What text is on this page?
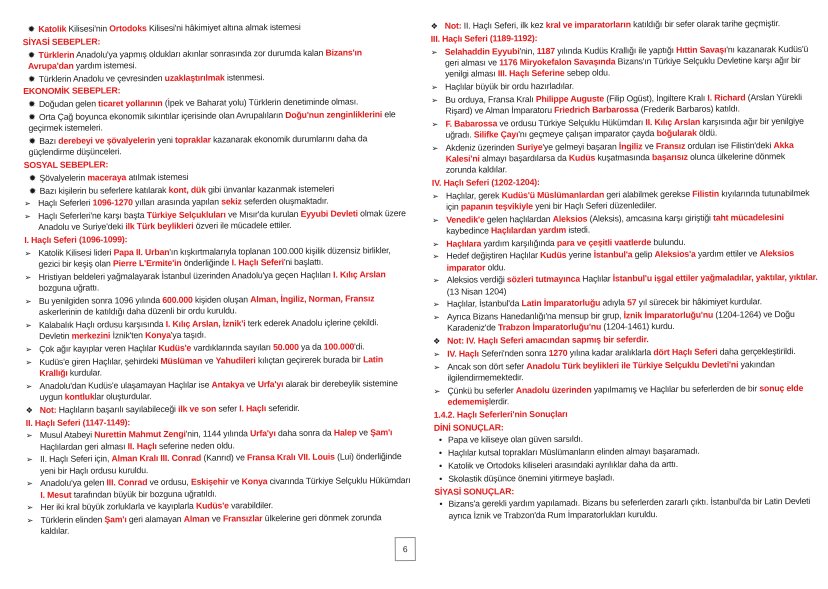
✹ Katolik Kilisesi'nin Ortodoks Kilisesi'ni hâkimiyet altına almak istemesi
SİYASİ SEBEPLER:
✹ Türklerin Anadolu'ya yapmış oldukları akınlar sonrasında zor durumda kalan Bizans'ın Avrupa'dan yardım istemesi.
✹ Türklerin Anadolu ve çevresinden uzaklaştırılmak istenmesi.
EKONOMİK SEBEPLER:
✹ Doğudan gelen ticaret yollarının (İpek ve Baharat yolu) Türklerin denetiminde olması.
✹ Orta Çağ boyunca ekonomik sıkıntılar içerisinde olan Avrupalıların Doğu'nun zenginliklerini ele geçirmek istemeleri.
✹ Bazı derebeyi ve şövalyelerin yeni topraklar kazanarak ekonomik durumlarını daha da güçlendirme düşünceleri.
SOSYAL SEBEPLER:
✹ Şövalyelerin maceraya atılmak istemesi
✹ Bazı kişilerin bu seferlere katılarak kont, dük gibi ünvanlar kazanmak istemeleri
➢ Haçlı Seferleri 1096-1270 yılları arasında yapılan sekiz seferden oluşmaktadır.
➢ Haçlı Seferleri'ne karşı başta Türkiye Selçukluları ve Mısır'da kurulan Eyyubi Devleti olmak üzere Anadolu ve Suriye'deki ilk Türk beylikleri özveri ile mücadele ettiler.
I. Haçlı Seferi (1096-1099):
➢ Katolik Kilisesi lideri Papa II. Urban'ın kışkırtmalarıyla toplanan 100.000 kişilik düzensiz birlikler, gezici bir keşiş olan Pierre L'Ermite'in önderliğinde I. Haçlı Seferi'ni başlattı.
➢ Hristiyan beldeleri yağmalayarak İstanbul üzerinden Anadolu'ya geçen Haçlıları I. Kılıç Arslan bozguna uğrattı.
➢ Bu yenilgiden sonra 1096 yılında 600.000 kişiden oluşan Alman, İngiliz, Norman, Fransız askerlerinin de katıldığı daha düzenli bir ordu kuruldu.
➢ Kalabalık Haçlı ordusu karşısında I. Kılıç Arslan, İznik'i terk ederek Anadolu içlerine çekildi. Devletin merkezini İznik'ten Konya'ya taşıdı.
➢ Çok ağır kayıplar veren Haçlılar Kudüs'e vardıklarında sayıları 50.000 ya da 100.000'di.
➢ Kudüs'e giren Haçlılar, şehirdeki Müslüman ve Yahudileri kılıçtan geçirerek burada bir Latin Krallığı kurdular.
➢ Anadolu'dan Kudüs'e ulaşamayan Haçlılar ise Antakya ve Urfa'yı alarak bir derebeylik sistemine uygun kontluklar oluşturdular.
❖ Not: Haçlıların başarılı sayılabileceği ilk ve son sefer I. Haçlı seferidir.
II. Haçlı Seferi (1147-1149):
➢ Musul Atabeyi Nurettin Mahmut Zengi'nin, 1144 yılında Urfa'yı daha sonra da Halep ve Şam'ı Haçlılardan geri alması II. Haçlı seferine neden oldu.
➢ II. Haçlı Seferi için, Alman Kralı III. Conrad (Kanrıd) ve Fransa Kralı VII. Louis (Lui) önderliğinde yeni bir Haçlı ordusu kuruldu.
➢ Anadolu'ya gelen III. Conrad ve ordusu, Eskişehir ve Konya civarında Türkiye Selçuklu Hükümdarı I. Mesut tarafından büyük bir bozguna uğratıldı.
➢ Her iki kral büyük zorluklarla ve kayıplarla Kudüs'e varabildiler.
➢ Türklerin elinden Şam'ı geri alamayan Alman ve Fransızlar ülkelerine geri dönmek zorunda kaldılar.
❖ Not: II. Haçlı Seferi, ilk kez kral ve imparatorların katıldığı bir sefer olarak tarihe geçmiştir.
III. Haçlı Seferi (1189-1192):
➢ Selahaddin Eyyubi'nin, 1187 yılında Kudüs Krallığı ile yaptığı Hıttin Savaşı'nı kazanarak Kudüs'ü geri alması ve 1176 Miryokefalon Savaşında Bizans'ın Türkiye Selçuklu Devletine karşı ağır bir yenilgi alması III. Haçlı Seferine sebep oldu.
➢ Haçlılar büyük bir ordu hazırladılar.
➢ Bu orduya, Fransa Kralı Philippe Auguste (Filip Ogüst), İngiltere Kralı I. Richard (Arslan Yürekli Rişard) ve Alman İmparatoru Friedrich Barbarossa (Frederik Barbaros) katıldı.
➢ F. Babarossa ve ordusu Türkiye Selçuklu Hükümdarı II. Kılıç Arslan karşısında ağır bir yenilgiye uğradı. Silifke Çayı'nı geçmeye çalışan imparator çayda boğularak öldü.
➢ Akdeniz üzerinden Suriye'ye gelmeyi başaran İngiliz ve Fransız orduları ise Filistin'deki Akka Kalesi'ni almayı başardılarsa da Kudüs kuşatmasında başarısız olunca ülkelerine dönmek zorunda kaldılar.
IV. Haçlı Seferi (1202-1204):
➢ Haçlılar, gerek Kudüs'ü Müslümanlardan geri alabilmek gerekse Filistin kıyılarında tutunabilmek için papanın teşvikiyle yeni bir Haçlı Seferi düzenlediler.
➢ Venedik'e gelen haçlılardan Aleksios (Aleksis), amcasına karşı giriştiği taht mücadelesini kaybedince Haçlılardan yardım istedi.
➢ Haçlılara yardım karşılığında para ve çeşitli vaatlerde bulundu.
➢ Hedef değiştiren Haçlılar Kudüs yerine İstanbul'a gelip Aleksios'a yardım ettiler ve Aleksios imparator oldu.
➢ Aleksios verdiği sözleri tutmayınca Haçlılar İstanbul'u işgal ettiler yağmaladılar, yaktılar, yıktılar. (13 Nisan 1204)
➢ Haçlılar, İstanbul'da Latin İmparatorluğu adıyla 57 yıl sürecek bir hâkimiyet kurdular.
➢ Ayrıca Bizans Hanedanlığı'na mensup bir grup, İznik İmparatorluğu'nu (1204-1264) ve Doğu Karadeniz'de Trabzon İmparatorluğu'nu (1204-1461) kurdu.
❖ Not: IV. Haçlı Seferi amacından sapmış bir seferdir.
➢ IV. Haçlı Seferi'nden sonra 1270 yılına kadar aralıklarla dört Haçlı Seferi daha gerçekleştirildi.
➢ Ancak son dört sefer Anadolu Türk beylikleri ile Türkiye Selçuklu Devleti'ni yakından ilgilendirmemektedir.
➢ Çünkü bu seferler Anadolu üzerinden yapılmamış ve Haçlılar bu seferlerden de bir sonuç elde edememişlerdir.
1.4.2. Haçlı Seferleri'nin Sonuçları
DİNİ SONUÇLAR:
• Papa ve kiliseye olan güven sarsıldı.
• Haçlılar kutsal toprakları Müslümanların elinden almayı başaramadı.
• Katolik ve Ortodoks kiliseleri arasındaki ayrılıklar daha da arttı.
• Skolastik düşünce önemini yitirmeye başladı.
SİYASİ SONUÇLAR:
• Bizans'a gerekli yardım yapılamadı. Bizans bu seferlerden zararlı çıktı. İstanbul'da bir Latin Devleti ayrıca İznik ve Trabzon'da Rum İmparatorlukları kuruldu.
6
